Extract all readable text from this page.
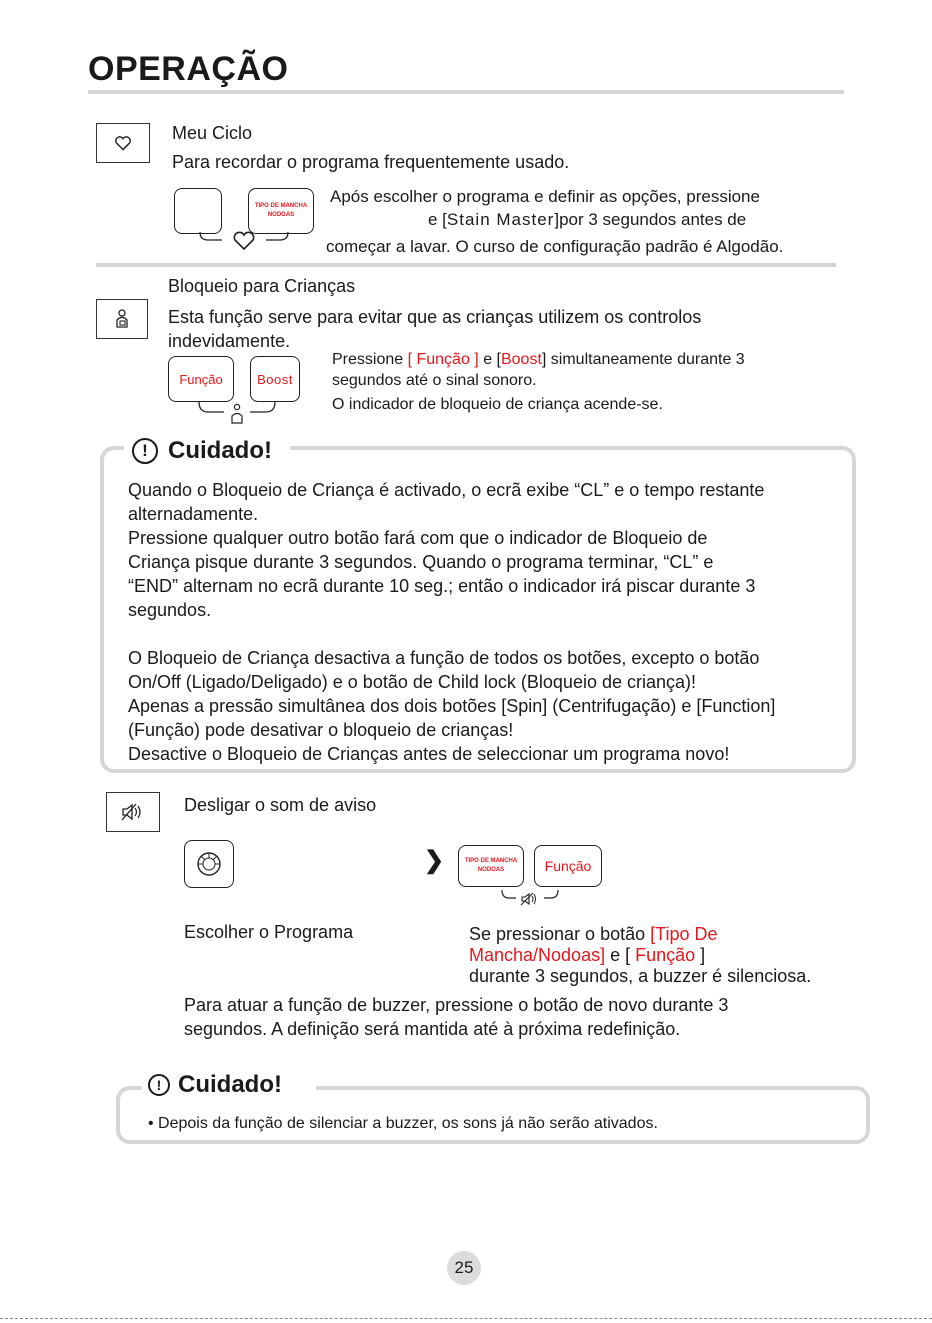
OPERAÇÃO
Meu Ciclo
Para recordar o programa frequentemente usado.
TIPO DE MANCHA
NODOAS
Após escolher o programa e definir as opções, pressione
e [Stain Master]por 3 segundos antes de
começar a lavar. O curso de configuração padrão é Algodão.
Bloqueio para Crianças
Esta função serve para evitar que as crianças utilizem os controlos
indevidamente.
Função	Boost
Pressione [ Função ] e [Boost] simultaneamente durante 3
segundos até o sinal sonoro.
O indicador de bloqueio de criança acende-se.
! Cuidado!
Quando o Bloqueio de Criança é activado, o ecrã exibe “CL” e o tempo restante
alternadamente.
Pressione qualquer outro botão fará com que o indicador de Bloqueio de
Criança pisque durante 3 segundos. Quando o programa terminar, “CL” e
“END” alternam no ecrã durante 10 seg.; então o indicador irá piscar durante 3
segundos.
O Bloqueio de Criança desactiva a função de todos os botões, excepto o botão
On/Off (Ligado/Deligado) e o botão de Child lock (Bloqueio de criança)!
Apenas a pressão simultânea dos dois botões [Spin] (Centrifugação) e [Function]
(Função) pode desativar o bloqueio de crianças!
Desactive o Bloqueio de Crianças antes de seleccionar um programa novo!
Desligar o som de aviso
❯	TIPO DE MANCHA
NODOAS	Função
Escolher o Programa	Se pressionar o botão [Tipo De
Mancha/Nodoas] e [ Função ]
durante 3 segundos, a buzzer é silenciosa.
Para atuar a função de buzzer, pressione o botão de novo durante 3
segundos. A definição será mantida até à próxima redefinição.
! Cuidado!
• Depois da função de silenciar a buzzer, os sons já não serão ativados.
25
